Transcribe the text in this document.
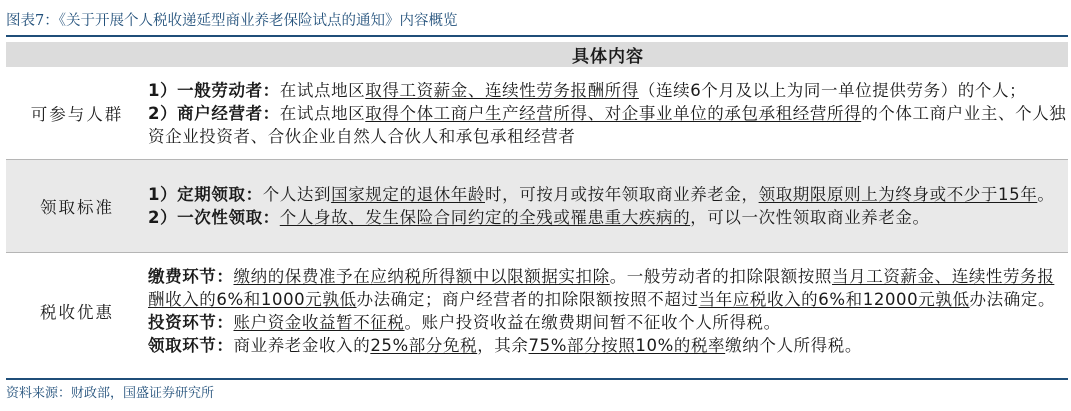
图表7：《关于开展个人税收递延型商业养老保险试点的通知》内容概览
	具体内容
可参与人群	1）一般劳动者：在试点地区取得工资薪金、连续性劳务报酬所得（连续6个月及以上为同一单位提供劳务）的个人；
2）商户经营者：在试点地区取得个体工商户生产经营所得、对企事业单位的承包承租经营所得的个体工商户业主、个人独资企业投资者、合伙企业自然人合伙人和承包承租经营者

领取标准	1）定期领取：个人达到国家规定的退休年龄时，可按月或按年领取商业养老金，领取期限原则上为终身或不少于15年。
2）一次性领取：个人身故、发生保险合同约定的全残或罹患重大疾病的，可以一次性领取商业养老金。

税收优惠	缴费环节：缴纳的保费准予在应纳税所得额中以限额据实扣除。一般劳动者的扣除限额按照当月工资薪金、连续性劳务报酬收入的6%和1000元孰低办法确定；商户经营者的扣除限额按照不超过当年应税收入的6%和12000元孰低办法确定。
投资环节：账户资金收益暂不征税。账户投资收益在缴费期间暂不征收个人所得税。
领取环节：商业养老金收入的25%部分免税，其余75%部分按照10%的税率缴纳个人所得税。
资料来源：财政部，国盛证券研究所
